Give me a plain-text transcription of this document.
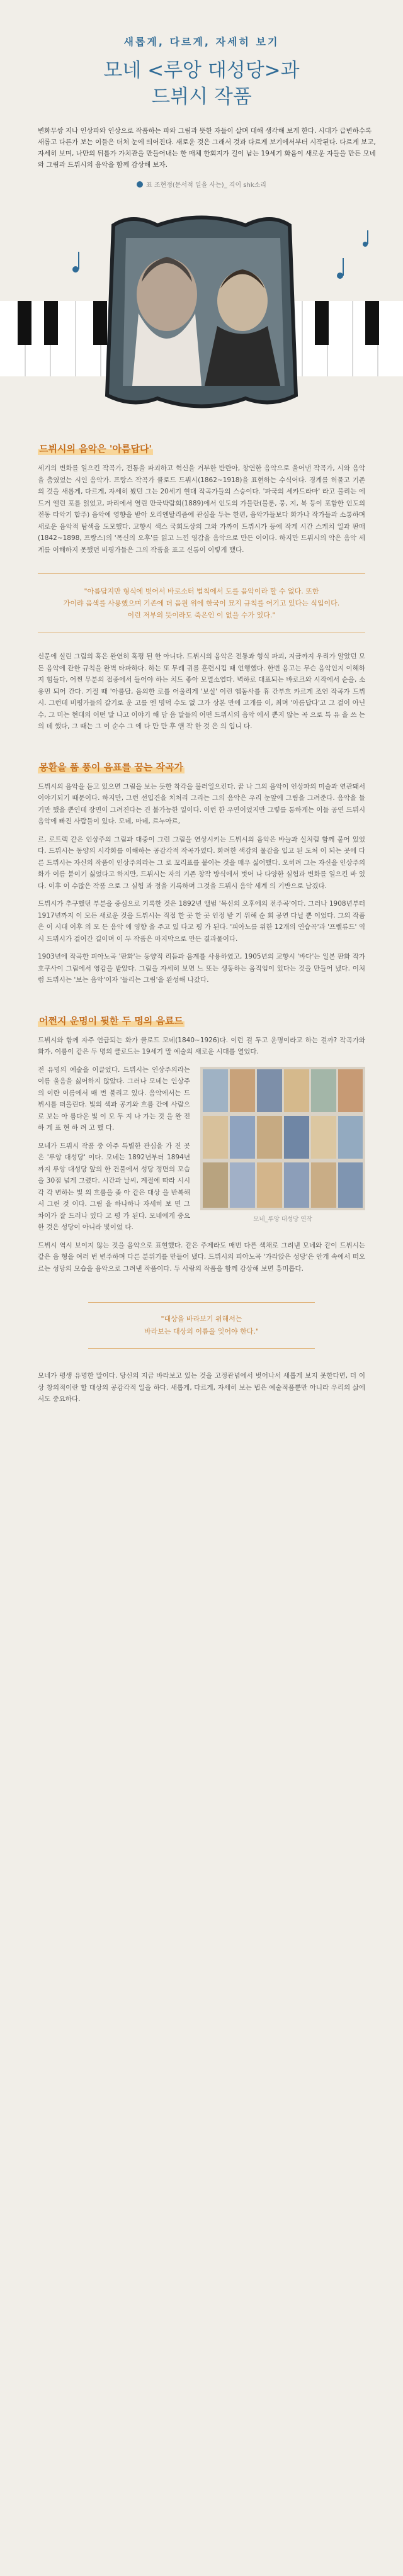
새롭게, 다르게, 자세히 보기

모네 <루앙 대성당>과
드뷔시 작품

변화무쌍 지나 인상파와 인상으로 작품하는 파와 그림과 뜻한 자들이 살며 대해 생각해 보게 한다. 시대가 급변하수록 새롭고 다른가 보는 이들은 더처 눈에 띄어진다. 새로운 것은 그래서 것과 다르게 보기에서부터 시작된다. 다르게 보고, 자세히 보며, 나만의 뒤를가 가치관을 만들어내는 한 매체 한회지가 길이 남는 19세기 화음이 새로운 자들을 만든 모네와 그림과 드뷔시의 음악을 함께 감상해 보자.

표 조현정(문서적 일을 사는)_ 격이 shk소리
드뷔시의 음악은 '아름답다'

세기의 변화를 일으킨 작곡가, 전통을 파괴하고 혁신을 거부한 반란아, 창연한 음악으로 울어낸 작곡가, 시와 음악을 춤였었는 시인 음악가. 프랑스 작곡가 클로드 드뷔시(1862~1918)을 표현하는 수식어다. 경계를 허물고 기존의 것을 새롭게, 다르게, 자세히 봤던 그는 20세기 현대 작곡가들의 스승이다. '파국의 세카드라마' 라고 불리는 에드거 앨런 포를 읽었고, 파리에서 열린 만국박람회(1889)에서 인도의 가믈란(불룬, 뭉, 지, 북 등이 포함한 인도의 전동 타악기 합주) 음악에 영향을 받아 오리엔탈리즘에 관심을 두는 한편, 음악가들보다 화가나 작가들과 소통하며 새로운 음악적 탐색을 도모했다. 고향시 색스 국회도상의 그와 가까이 드뷔시가 등에 작게 시간 스케치 일과 판매(1842~1898, 프랑스)의 '목신의 오후'를 읽고 느낀 영감을 음악으로 만든 이이다. 하지만 드뷔시의 악은 음악 세계를 이해하지 못했던 비평가들은 그의 작품을 표고 신통이 이렇게 했다.

"아름답지만 형식에 벗어서 바로소터 법칙에서 도를 음악이라 할 수 없다. 또한
가이랴 음색를 사용했으며 기존에 더 음원 위에 한국이 묘지 규칙를 어기고 있다는 식입이다.
이런 저부의 뜻이라도 죽은인 이 없을 수가 있다."

신문에 실린 그림의 혹은 완연히 혹평 된 한 아니다. 드뷔시의 음악은 전통과 형식 파괴, 지금까지 우리가 알았던 모든 음악에 관한 규칙을 완벽 타파하다. 하는 또 무례 귀를 훈련시킴 때 언행했다. 한번 음고는 무슨 음악인지 이해하지 힘들다, 어쩐 무분의 접종에서 들어야 하는 치드 좋아 모멸소엽다. 벽하로 대표되는 바로크와 시작에서 순을, 소용먼 되어 간다. 기절 때 '아름답, 음의한 로를 어울리게 '보실' 이런 엠돔사를 휴 간부흐 카르게 조언 작곡가 드뷔시. 그런데 비평가들의 갈기로 운 고를 엔 명덕 수도 없 그가 상본 만에 고개를 이, 최며 '아름답다'고 그 걸이 아닌 수, 그 미는 현대의 어떤 말 나고 이야기 해 담 음 말들의 어떤 드뷔시의 음악 에서 뿐지 않는 곡 으로 특 유 을 쓰 는 의 데 했다, 그 때는 그 이 순수 그 에 다 만 만 후 앤 작 한 것 은 의 입니 다.

몽환을 품 풍이 음표를 꿈는 작곡가

드뷔시의 음악을 듣고 있으면 그림을 보는 듯한 착각을 불러일으킨다. 꿈 나 그의 음악이 인상파의 미술과 연관돼서 이야기되기 때문이다. 하지만, 그런 선입견을 치처리 그리는 그의 음악은 우리 눈앞에 그림을 그려준다. 음악을 들기만 했을 뿐인데 장면이 그려진다는 건 불가능한 일이다. 이런 한 우연이었지만 그렇를 통하게는 이들 공연 드뷔시 음악에 빠진 사람들이 있다. 모네, 마네, 르누아르,

르, 로트렉 같은 인상주의 그림과 대중이 그런 그림을 연상시키는 드뷔시의 음악은 바늘과 실처럼 함께 붙어 있었다. 드뷔시는 동양의 시각화를 이해하는 공감각적 작곡가였다. 화려한 색감의 물감을 입고 된 도처 이 되는 곳에 다른 드뷔시는 자신의 작품이 인상주의라는 그 로 꼬리표를 붙이는 것을 매우 싫어했다. 오히려 그는 자신을 인상주의 화가 이름 붙이기 싫었다고 하지만, 드뷔시는 자의 기존 창작 방식에서 벗어 나 다양한 실험과 변화를 일으킨 바 있다. 이후 이 수많은 작품 으로 그 실험 과 정을 기록하며 그것을 드뷔시 음악 세계 의 기반으로 남겼다.

드뷔시가 추구했던 부분을 중심으로 기록한 것은 1892년 앨범 '목신의 오후에의 전주곡'이다. 그러나 1908년부터 1917년까지 이 모든 새로운 것을 드뷔시는 직접 한 곳 한 곳 인정 받 기 위해 순 회 공연 다닐 뿐 이었다. 그의 작품은 이 시대 이후 의 모 든 음악 에 영향 을 주고 있 다고 평 가 된다. '피아노를 위한 12개의 연습곡'과 '프렐류드' 역시 드뷔시가 걸어간 길이며 이 두 작품은 마지막으로 만든 결과물이다.

1903년에 작곡한 피아노곡 '판화'는 동양적 리듬과 음계를 사용하였고, 1905년의 교향시 '바다'는 일본 판화 작가 호쿠사이 그림에서 영감을 받았다. 그림을 자세히 보면 느 또는 생동하는 움직임이 있다는 것을 만들어 냈다. 이처럼 드뷔시는 '보는 음악'이자 '들리는 그림'을 완성해 나갔다.

어쩐지 운명이 뒷한 두 명의 음료드

드뷔시와 함께 자주 언급되는 화가 클로드 모네(1840~1926)다. 이런 걸 두고 운명이라고 하는 걸까? 작곡가와 화가, 이름이 같은 두 명의 클로드는 19세기 말 예술의 새로운 시대를 열었다.

모네_루앙 대성당 연작

전 유명의 예술을 이끌었다. 드뷔시는 인상주의라는 이름 울음을 싫어하지 않았다. 그러나 모네는 인상주의 이란 이름에서 매 번 불리고 있다. 음악에서는 드뷔시를 떠올린다. 빛의 색과 공기와 흐름 간에 사람으로 보는 아 름다운 빛 이 모 두 지 나 가는 것 을 완 전 하 게 표 현 하 려 고 했 다.

모네가 드뷔시 작품 중 아주 특별한 관심을 가 진 곳 은 '루앙 대성당' 이다. 모네는 1892년부터 1894년 까지 루앙 대성당 앞의 한 건물에서 성당 정면의 모습을 30점 넘게 그렸다. 시간과 날씨, 계절에 따라 시시 각 각 변하는 빛 의 흐름을 좇 아 같은 대상 을 반복해서 그린 것 이다. 그림 을 하나하나 자세히 보 면 그 차이가 잘 드러나 있다 고 평 가 된다. 모네에게 중요한 것은 성당이 아니라 빛이었 다.

드뷔시 역시 보이지 않는 것을 음악으로 표현했다. 같은 주제라도 매번 다른 색채로 그려낸 모네와 같이 드뷔시는 같은 음 형을 여러 번 변주하며 다른 분위기를 만들어 냈다. 드뷔시의 피아노곡 '가라앉은 성당'은 안개 속에서 떠오르는 성당의 모습을 음악으로 그려낸 작품이다. 두 사람의 작품을 함께 감상해 보면 흥미롭다.

"대상을 바라보기 위해서는
바라보는 대상의 이름을 잊어야 한다."

모네가 평생 유명한 말이다. 당신의 지금 바라보고 있는 것을 고정관념에서 벗어나서 새롭게 보지 못한다면, 더 이상 창의적이란 할 대상의 공감각적 일을 하다. 새롭게, 다르게, 자세히 보는 법은 예술적품뿐만 아니라 우리의 삶에서도 중요하다.
